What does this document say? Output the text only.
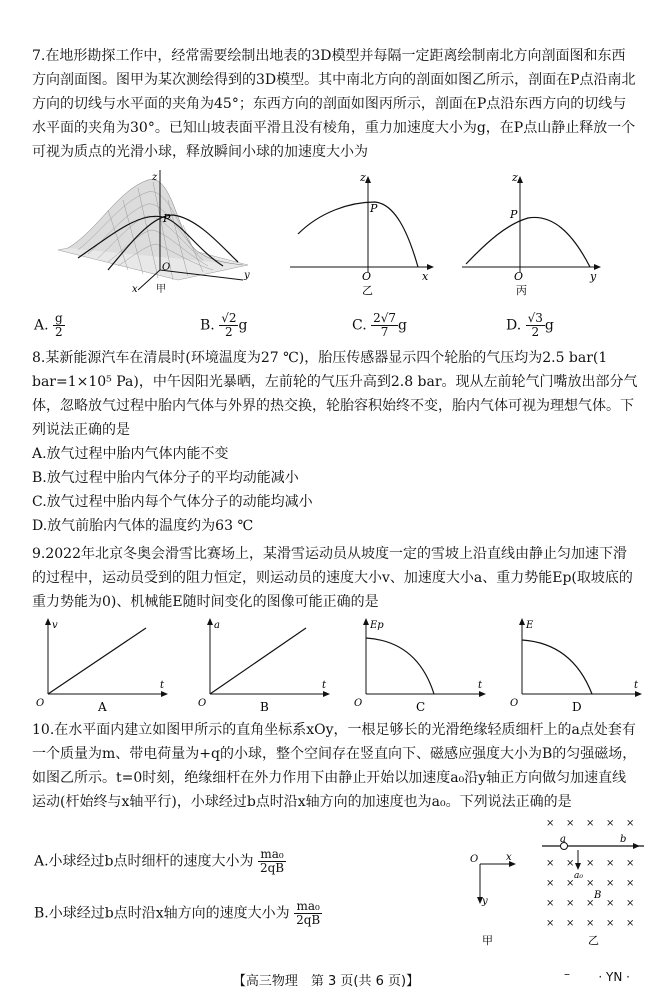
7.在地形勘探工作中，经常需要绘制出地表的3D模型并每隔一定距离绘制南北方向剖面图和东西方向剖面图。图甲为某次测绘得到的3D模型。其中南北方向的剖面如图乙所示，剖面在P点沿南北方向的切线与水平面的夹角为45°；东西方向的剖面如图丙所示，剖面在P点沿东西方向的切线与水平面的夹角为30°。已知山坡表面平滑且没有棱角，重力加速度大小为g，在P点山静止释放一个可视为质点的光滑小球，释放瞬间小球的加速度大小为

P
O
z
x
y
甲
z
P
O	x
乙
z
P
O	y
丙
A. $\frac{g}{2}$	B. $\frac{√2}{2}$ g	C. $\frac{2√7}{7}$ g	D. $\frac{√3}{2}$ g

8.某新能源汽车在清晨时(环境温度为27 ℃)，胎压传感器显示四个轮胎的气压均为2.5 bar(1 bar=1×10⁵ Pa)，中午因阳光暴晒，左前轮的气压升高到2.8 bar。现从左前轮气门嘴放出部分气体，忽略放气过程中胎内气体与外界的热交换，轮胎容积始终不变，胎内气体可视为理想气体。下列说法正确的是

A.放气过程中胎内气体内能不变

B.放气过程中胎内气体分子的平均动能减小

C.放气过程中胎内每个气体分子的动能均减小

D.放气前胎内气体的温度约为63 ℃

9.2022年北京冬奥会滑雪比赛场上，某滑雪运动员从坡度一定的雪坡上沿直线由静止匀加速下滑的过程中，运动员受到的阻力恒定，则运动员的速度大小v、加速度大小a、重力势能Ep(取坡底的重力势能为0)、机械能E随时间变化的图像可能正确的是

v
O
t
A
a
O
t
B
Ep
O
t
C
E
O
t
D

10.在水平面内建立如图甲所示的直角坐标系xOy，一根足够长的光滑绝缘轻质细杆上的a点处套有一个质量为m、带电荷量为+q的小球，整个空间存在竖直向下、磁感应强度大小为B的匀强磁场，如图乙所示。t=0时刻，绝缘细杆在外力作用下由静止开始以加速度a₀沿y轴正方向做匀加速直线运动(杆始终与x轴平行)，小球经过b点时沿x轴方向的加速度也为a₀。下列说法正确的是

A.小球经过b点时细杆的速度大小为 $\frac{\text{ma₀}}{2qB}$
B.小球经过b点时沿x轴方向的速度大小为 $\frac{\text{ma₀}}{2qB}$
O	x
y
甲
× × × × ×
× × × × ×
× × × × ×
× × × × ×
× × × × ×
a	b
a₀
B
乙
【高三物理　第 3 页(共 6 页)】	– · YN ·
